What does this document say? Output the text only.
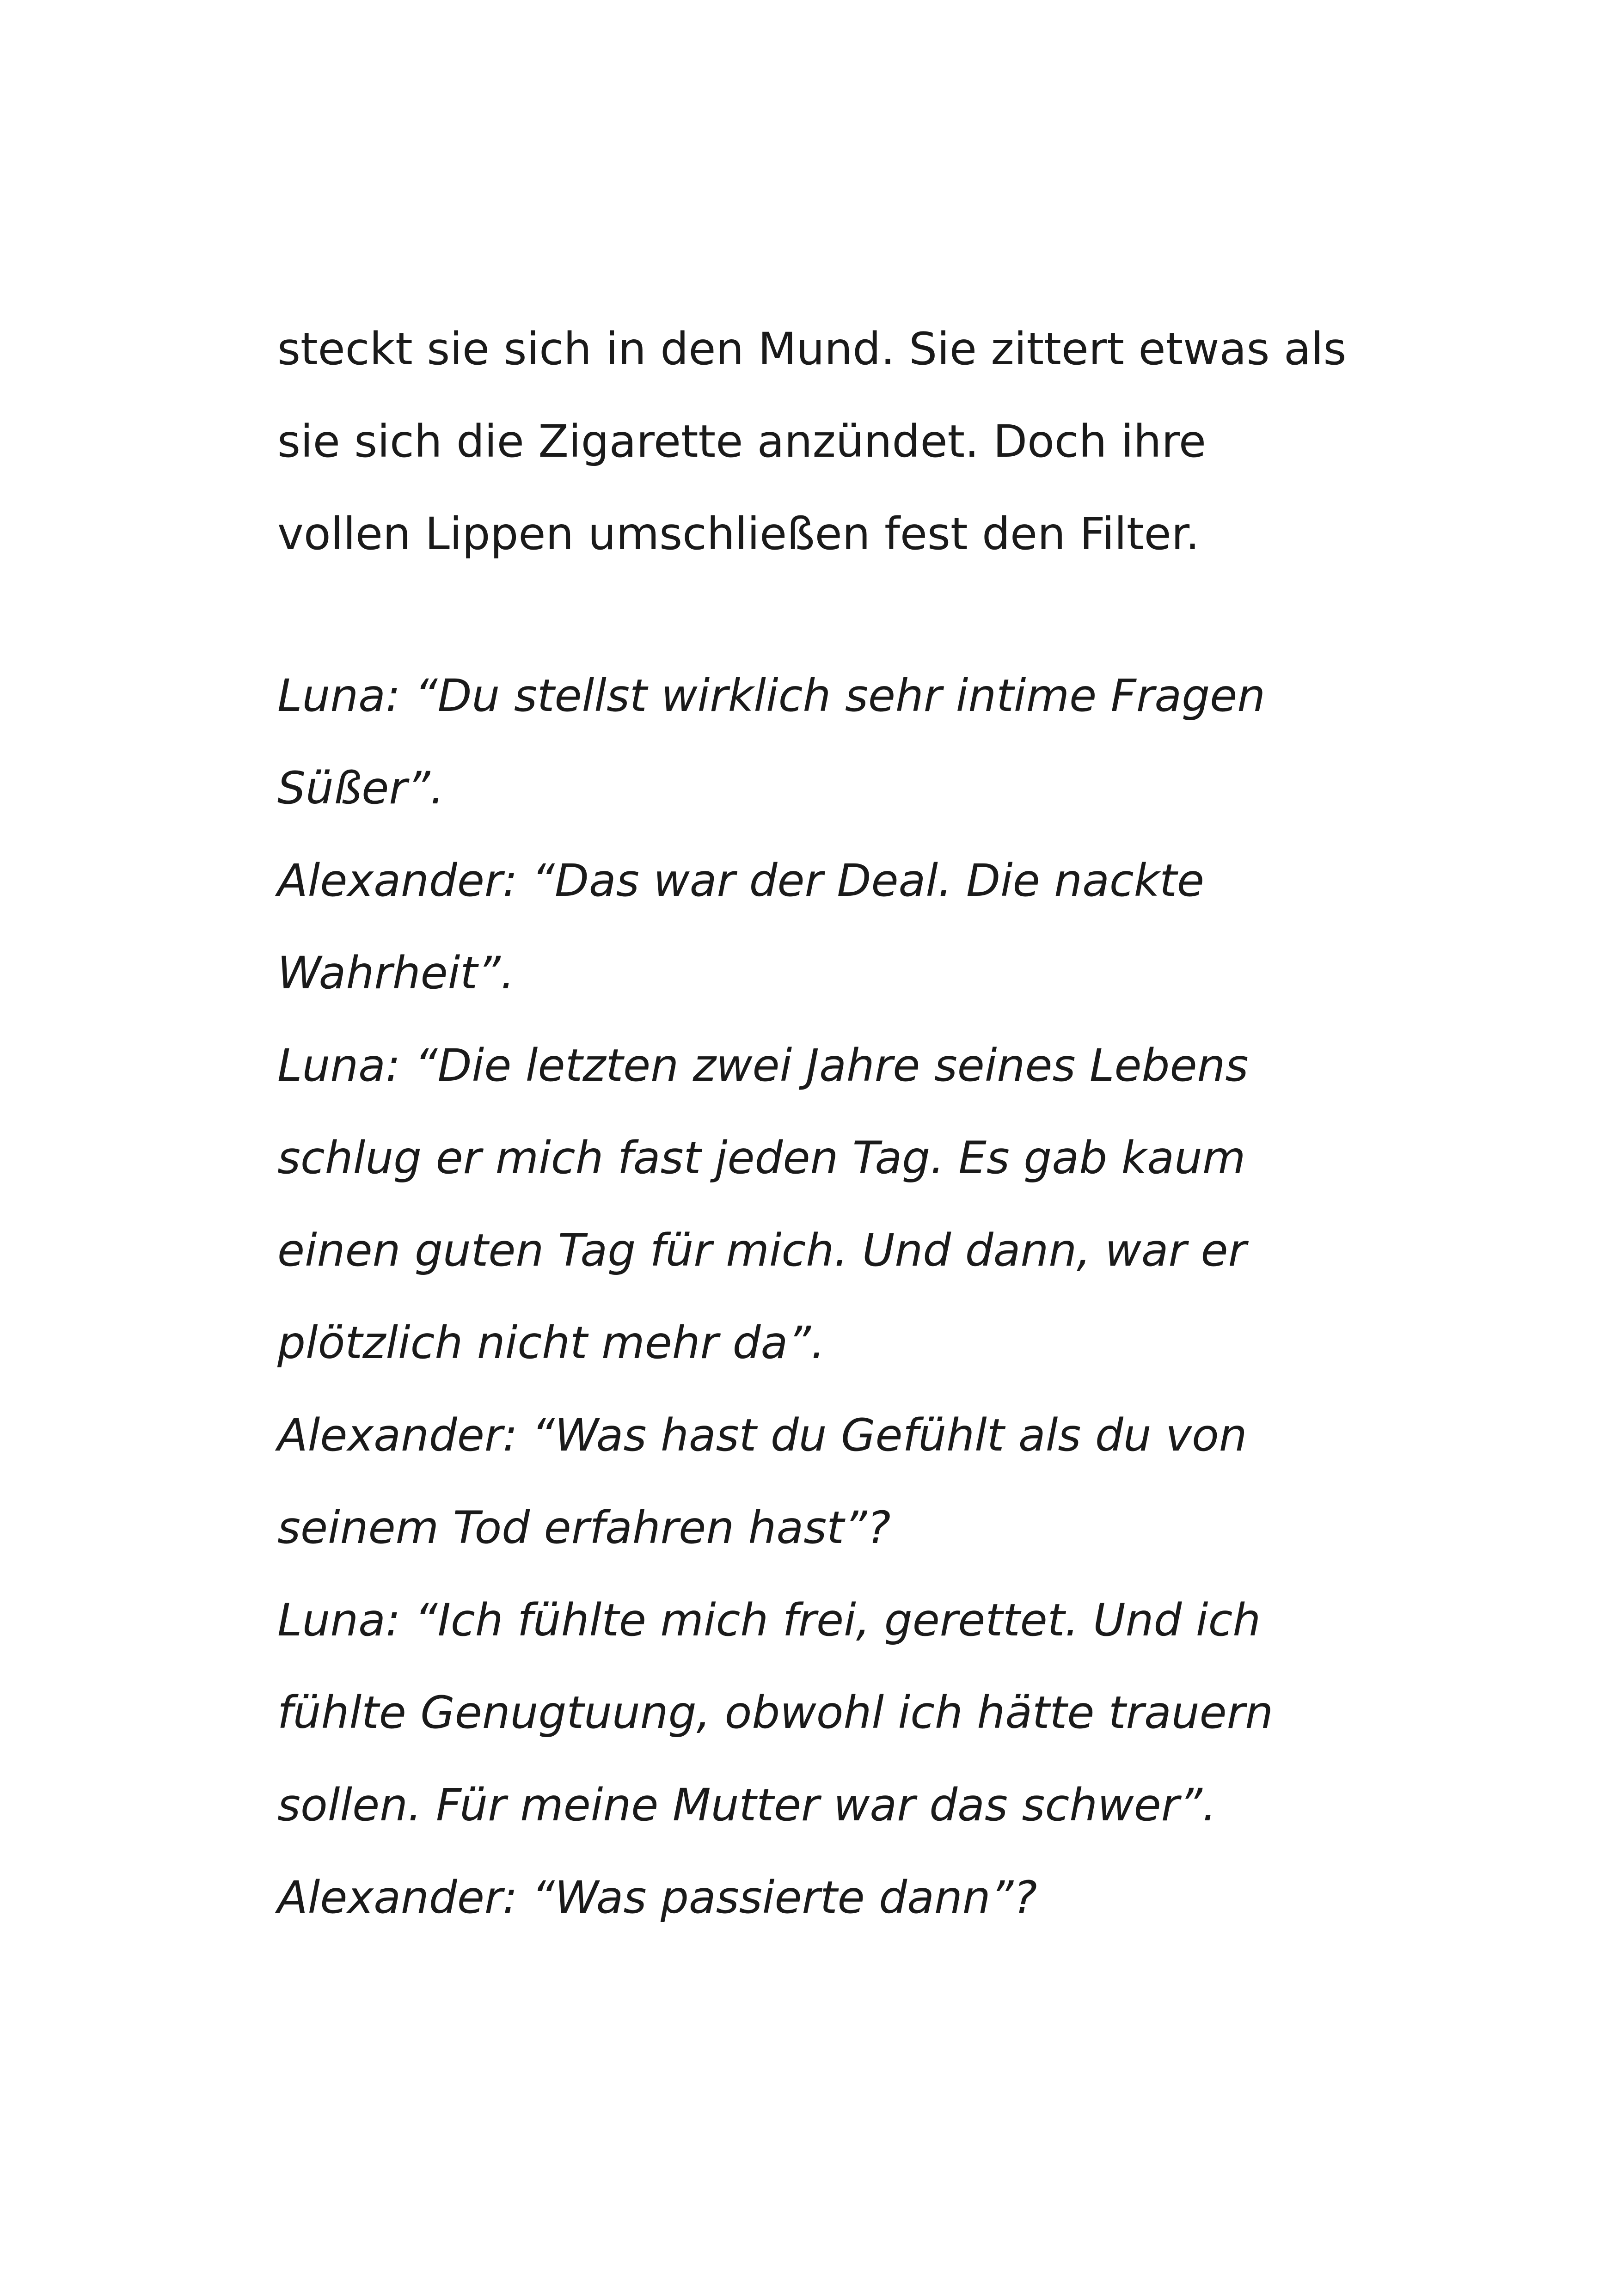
steckt sie sich in den Mund. Sie zittert etwas als
sie sich die Zigarette anzündet. Doch ihre
vollen Lippen umschließen fest den Filter.
Luna: “Du stellst wirklich sehr intime Fragen
Süßer”.
Alexander: “Das war der Deal. Die nackte
Wahrheit”.
Luna: “Die letzten zwei Jahre seines Lebens
schlug er mich fast jeden Tag. Es gab kaum
einen guten Tag für mich. Und dann, war er
plötzlich nicht mehr da”.
Alexander: “Was hast du Gefühlt als du von
seinem Tod erfahren hast”?
Luna: “Ich fühlte mich frei, gerettet. Und ich
fühlte Genugtuung, obwohl ich hätte trauern
sollen. Für meine Mutter war das schwer”.
Alexander: “Was passierte dann”?
